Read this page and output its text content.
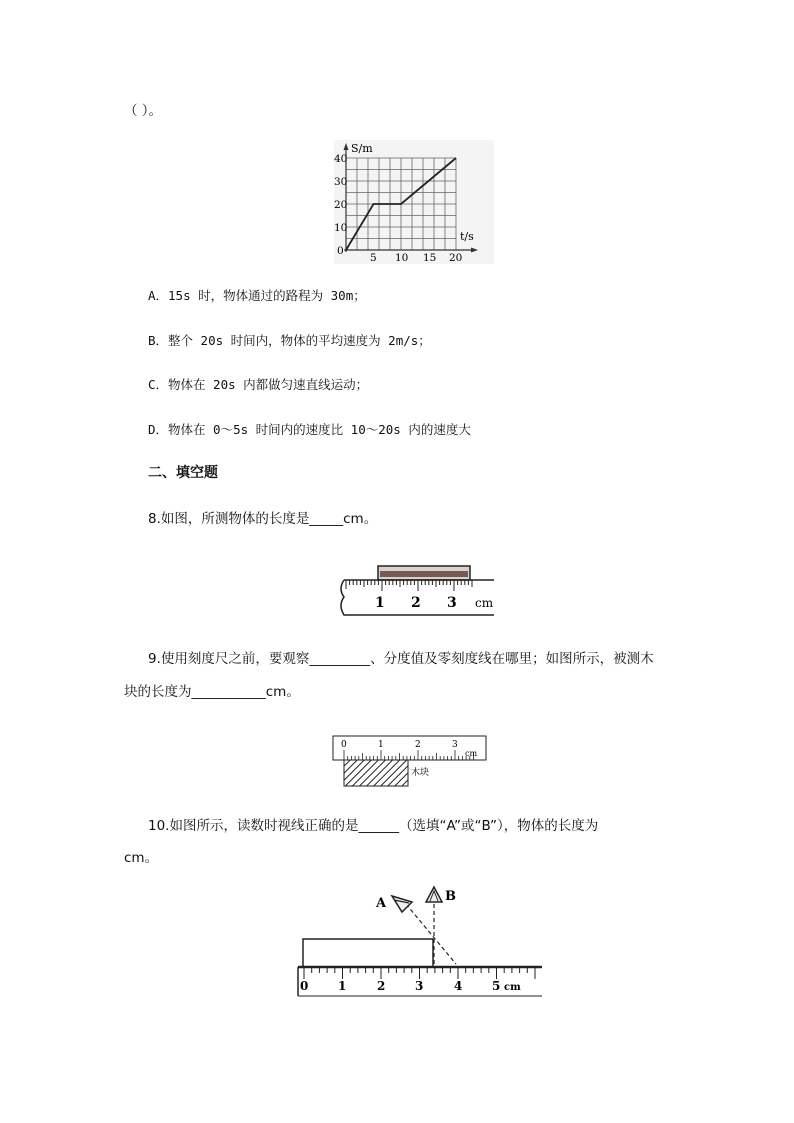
（ ）。
S/m
t/s
40
30
20
10
0
5 10 15 20
A．15s 时，物体通过的路程为 30m；
B．整个 20s 时间内，物体的平均速度为 2m/s；
C．物体在 20s 内都做匀速直线运动；
D．物体在 0～5s 时间内的速度比 10～20s 内的速度大
二、填空题
8.如图，所测物体的长度是_____cm。
1 2 3 cm
9.使用刻度尺之前，要观察_________、分度值及零刻度线在哪里；如图所示，被测木
块的长度为___________cm。
0	1	2	3
cm
木块
10.如图所示，读数时视线正确的是______（选填“A”或“B”），物体的长度为
cm。
0 1	2 3	4 5 cm
A	B
